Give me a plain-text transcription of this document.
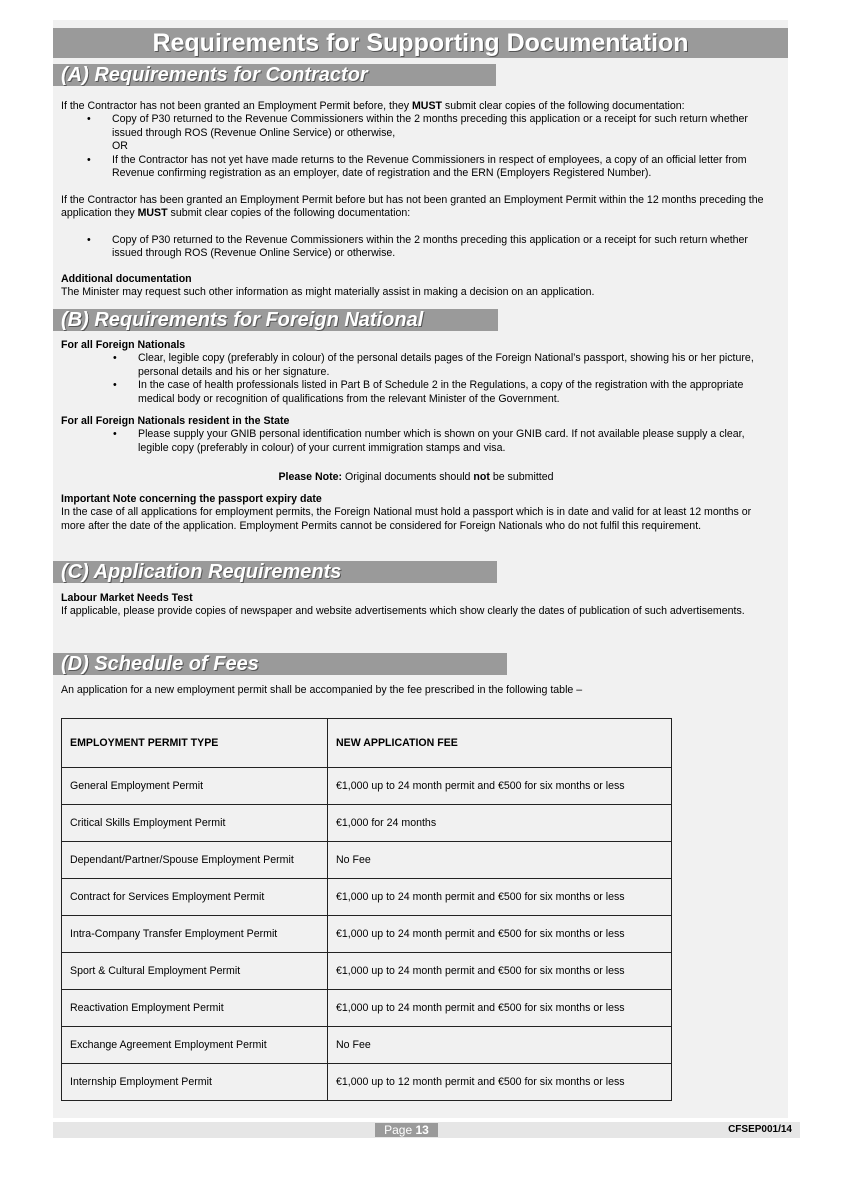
Requirements for Supporting Documentation
(A) Requirements for Contractor

If the Contractor has not been granted an Employment Permit before, they MUST submit clear copies of the following documentation:

• Copy of P30 returned to the Revenue Commissioners within the 2 months preceding this application or a receipt for such return whether issued through ROS (Revenue Online Service) or otherwise,

OR

• If the Contractor has not yet have made returns to the Revenue Commissioners in respect of employees, a copy of an official letter from Revenue confirming registration as an employer, date of registration and the ERN (Employers Registered Number).

If the Contractor has been granted an Employment Permit before but has not been granted an Employment Permit within the 12 months preceding the application they MUST submit clear copies of the following documentation:

• Copy of P30 returned to the Revenue Commissioners within the 2 months preceding this application or a receipt for such return whether issued through ROS (Revenue Online Service) or otherwise.

Additional documentation

The Minister may request such other information as might materially assist in making a decision on an application.

(B) Requirements for Foreign National

For all Foreign Nationals

• Clear, legible copy (preferably in colour) of the personal details pages of the Foreign National’s passport, showing his or her picture, personal details and his or her signature.
• In the case of health professionals listed in Part B of Schedule 2 in the Regulations, a copy of the registration with the appropriate medical body or recognition of qualifications from the relevant Minister of the Government.

For all Foreign Nationals resident in the State

• Please supply your GNIB personal identification number which is shown on your GNIB card. If not available please supply a clear, legible copy (preferably in colour) of your current immigration stamps and visa.

Please Note: Original documents should not be submitted

Important Note concerning the passport expiry date

In the case of all applications for employment permits, the Foreign National must hold a passport which is in date and valid for at least 12 months or more after the date of the application. Employment Permits cannot be considered for Foreign Nationals who do not fulfil this requirement.

(C) Application Requirements

Labour Market Needs Test

If applicable, please provide copies of newspaper and website advertisements which show clearly the dates of publication of such advertisements.

(D) Schedule of Fees

An application for a new employment permit shall be accompanied by the fee prescribed in the following table –

EMPLOYMENT PERMIT TYPE	NEW APPLICATION FEE
General Employment Permit	€1,000 up to 24 month permit and €500 for six months or less
Critical Skills Employment Permit	€1,000 for 24 months
Dependant/Partner/Spouse Employment Permit	No Fee
Contract for Services Employment Permit	€1,000 up to 24 month permit and €500 for six months or less
Intra-Company Transfer Employment Permit	€1,000 up to 24 month permit and €500 for six months or less
Sport & Cultural Employment Permit	€1,000 up to 24 month permit and €500 for six months or less
Reactivation Employment Permit	€1,000 up to 24 month permit and €500 for six months or less
Exchange Agreement Employment Permit	No Fee
Internship Employment Permit	€1,000 up to 12 month permit and €500 for six months or less
Page 13	CFSEP001/14
